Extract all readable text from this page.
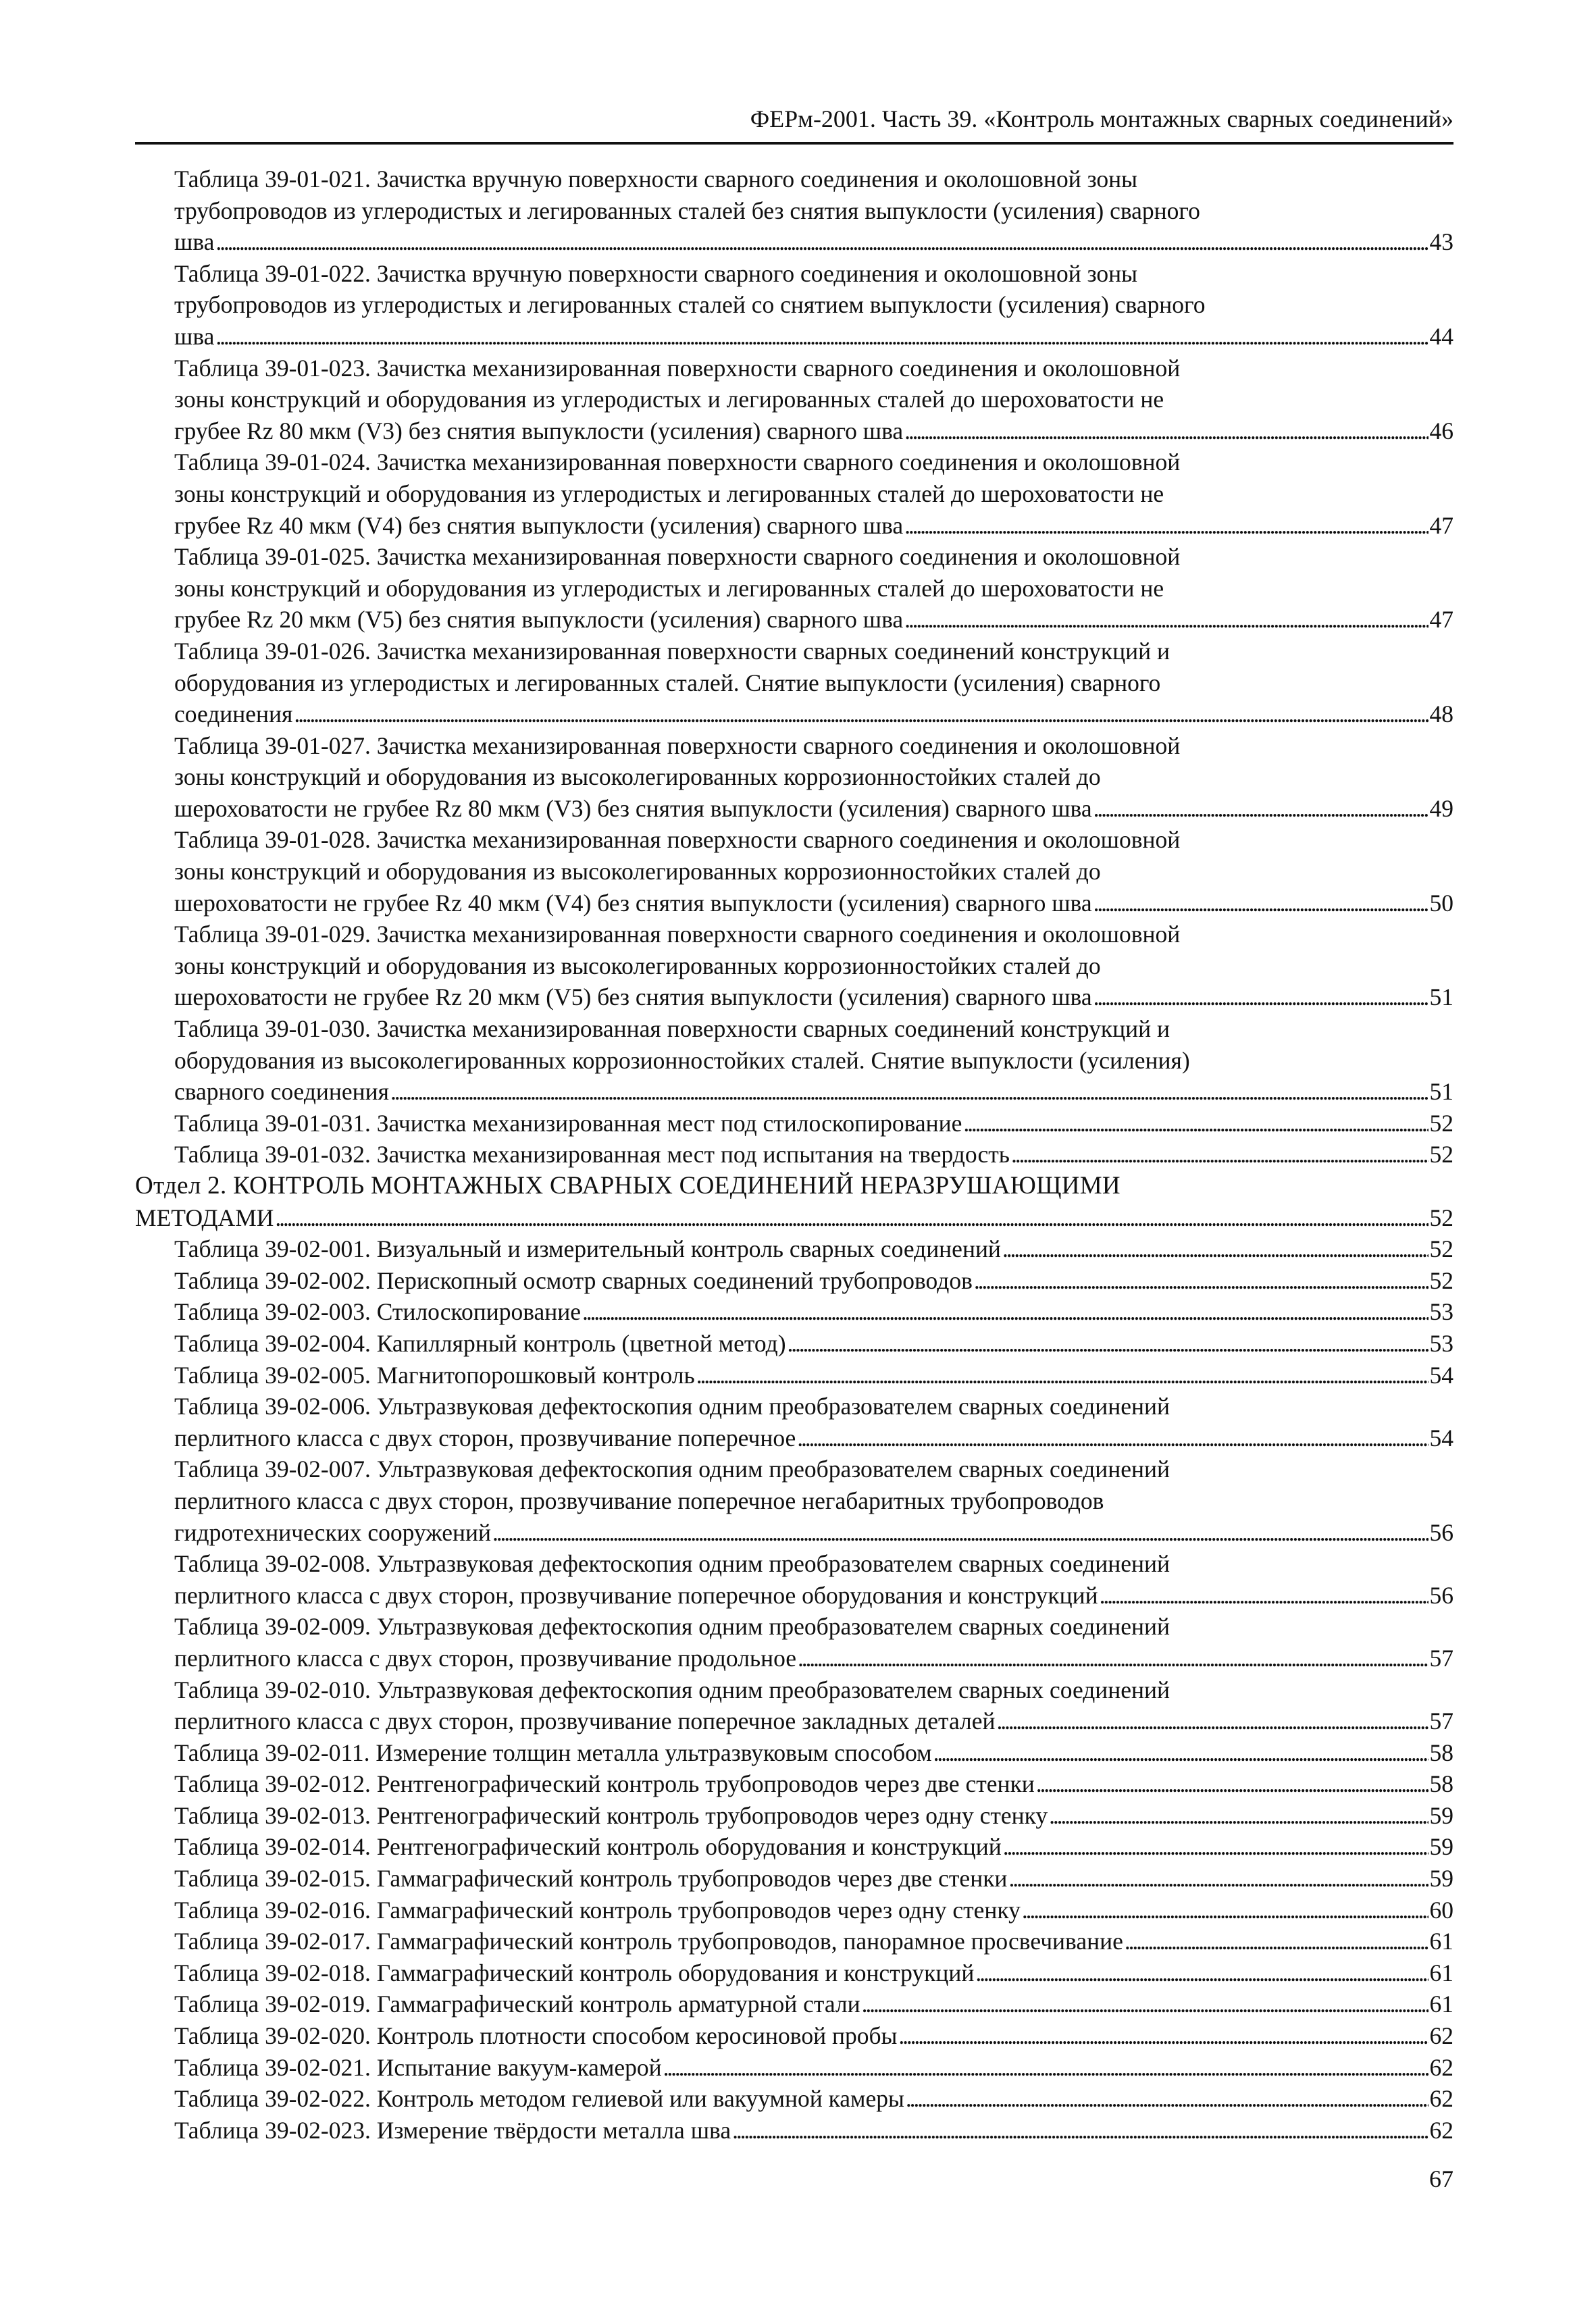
ФЕРм-2001. Часть 39. «Контроль монтажных сварных соединений»
Таблица 39-01-021. Зачистка вручную поверхности сварного соединения и околошовной зоны
трубопроводов из углеродистых и легированных сталей без снятия выпуклости (усиления) сварного
шва . . .	43
Таблица 39-01-022. Зачистка вручную поверхности сварного соединения и околошовной зоны
трубопроводов из углеродистых и легированных сталей со снятием выпуклости (усиления) сварного
шва . . .	44
Таблица 39-01-023. Зачистка механизированная поверхности сварного соединения и околошовной
зоны конструкций и оборудования из углеродистых и легированных сталей до шероховатости не
грубее Rz 80 мкм (V3) без снятия выпуклости (усиления) сварного шва . . .	46
Таблица 39-01-024. Зачистка механизированная поверхности сварного соединения и околошовной
зоны конструкций и оборудования из углеродистых и легированных сталей до шероховатости не
грубее Rz 40 мкм (V4) без снятия выпуклости (усиления) сварного шва . . .	47
Таблица 39-01-025. Зачистка механизированная поверхности сварного соединения и околошовной
зоны конструкций и оборудования из углеродистых и легированных сталей до шероховатости не
грубее Rz 20 мкм (V5) без снятия выпуклости (усиления) сварного шва . . .	47
Таблица 39-01-026. Зачистка механизированная поверхности сварных соединений конструкций и
оборудования из углеродистых и легированных сталей. Снятие выпуклости (усиления) сварного
соединения . . .	48
Таблица 39-01-027. Зачистка механизированная поверхности сварного соединения и околошовной
зоны конструкций и оборудования из высоколегированных коррозионностойких сталей до
шероховатости не грубее Rz 80 мкм (V3) без снятия выпуклости (усиления) сварного шва . . .	49
Таблица 39-01-028. Зачистка механизированная поверхности сварного соединения и околошовной
зоны конструкций и оборудования из высоколегированных коррозионностойких сталей до
шероховатости не грубее Rz 40 мкм (V4) без снятия выпуклости (усиления) сварного шва . . .	50
Таблица 39-01-029. Зачистка механизированная поверхности сварного соединения и околошовной
зоны конструкций и оборудования из высоколегированных коррозионностойких сталей до
шероховатости не грубее Rz 20 мкм (V5) без снятия выпуклости (усиления) сварного шва . . .	51
Таблица 39-01-030. Зачистка механизированная поверхности сварных соединений конструкций и
оборудования из высоколегированных коррозионностойких сталей. Снятие выпуклости (усиления)
сварного соединения . . .	51
Таблица 39-01-031. Зачистка механизированная мест под стилоскопирование . . .	52
Таблица 39-01-032. Зачистка механизированная мест под испытания на твердость . . .	52
Отдел 2. КОНТРОЛЬ МОНТАЖНЫХ СВАРНЫХ СОЕДИНЕНИЙ НЕРАЗРУШАЮЩИМИ
МЕТОДАМИ . . .	52
Таблица 39-02-001. Визуальный и измерительный контроль сварных соединений . . .	52
Таблица 39-02-002. Перископный осмотр сварных соединений трубопроводов . . .	52
Таблица 39-02-003. Стилоскопирование . . .	53
Таблица 39-02-004. Капиллярный контроль (цветной метод) . . .	53
Таблица 39-02-005. Магнитопорошковый контроль . . .	54
Таблица 39-02-006. Ультразвуковая дефектоскопия одним преобразователем сварных соединений
перлитного класса с двух сторон, прозвучивание поперечное . . .	54
Таблица 39-02-007. Ультразвуковая дефектоскопия одним преобразователем сварных соединений
перлитного класса с двух сторон, прозвучивание поперечное негабаритных трубопроводов
гидротехнических сооружений . . .	56
Таблица 39-02-008. Ультразвуковая дефектоскопия одним преобразователем сварных соединений
перлитного класса с двух сторон, прозвучивание поперечное оборудования и конструкций . . .	56
Таблица 39-02-009. Ультразвуковая дефектоскопия одним преобразователем сварных соединений
перлитного класса с двух сторон, прозвучивание продольное . . .	57
Таблица 39-02-010. Ультразвуковая дефектоскопия одним преобразователем сварных соединений
перлитного класса с двух сторон, прозвучивание поперечное закладных деталей . . .	57
Таблица 39-02-011. Измерение толщин металла ультразвуковым способом . . .	58
Таблица 39-02-012. Рентгенографический контроль трубопроводов через две стенки . . .	58
Таблица 39-02-013. Рентгенографический контроль трубопроводов через одну стенку . . .	59
Таблица 39-02-014. Рентгенографический контроль оборудования и конструкций . . .	59
Таблица 39-02-015. Гаммаграфический контроль трубопроводов через две стенки . . .	59
Таблица 39-02-016. Гаммаграфический контроль трубопроводов через одну стенку . . .	60
Таблица 39-02-017. Гаммаграфический контроль трубопроводов, панорамное просвечивание . . .	61
Таблица 39-02-018. Гаммаграфический контроль оборудования и конструкций . . .	61
Таблица 39-02-019. Гаммаграфический контроль арматурной стали . . .	61
Таблица 39-02-020. Контроль плотности способом керосиновой пробы . . .	62
Таблица 39-02-021. Испытание вакуум-камерой . . .	62
Таблица 39-02-022. Контроль методом гелиевой или вакуумной камеры . . .	62
Таблица 39-02-023. Измерение твёрдости металла шва . . .	62
67
